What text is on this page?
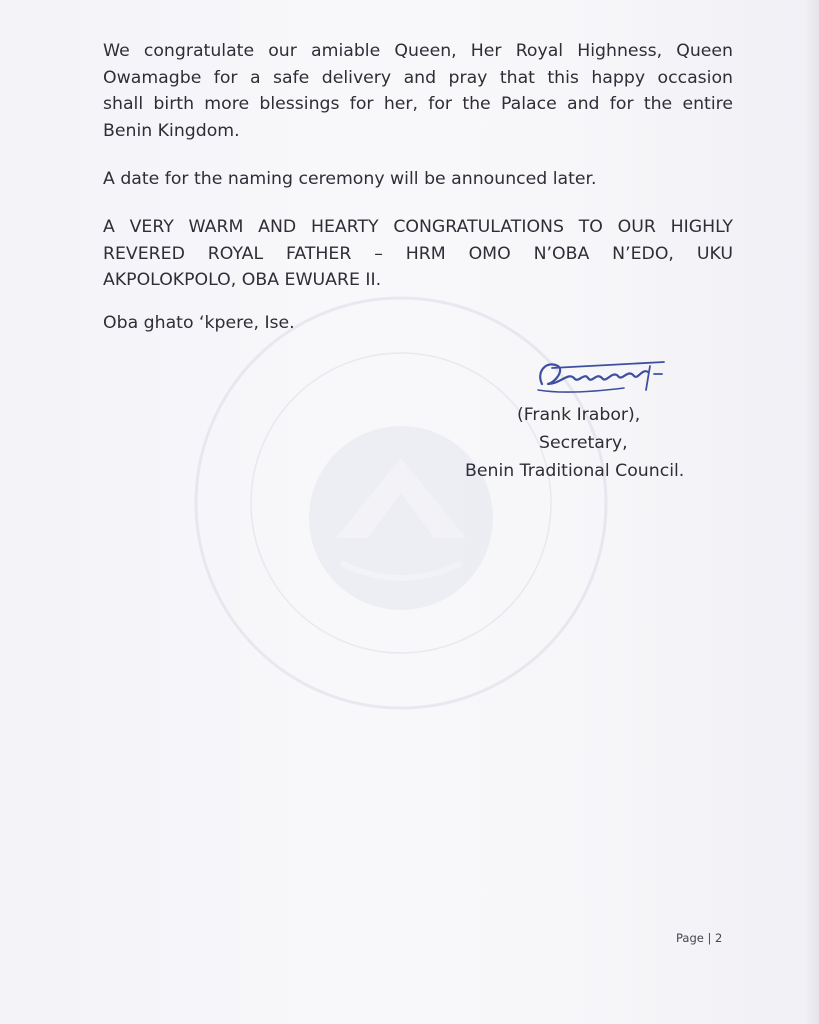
We congratulate our amiable Queen, Her Royal Highness, Queen
Owamagbe for a safe delivery and pray that this happy occasion
shall birth more blessings for her, for the Palace and for the entire
Benin Kingdom.

A date for the naming ceremony will be announced later.

A VERY WARM AND HEARTY CONGRATULATIONS TO OUR HIGHLY
REVERED ROYAL FATHER – HRM OMO N’OBA N’EDO, UKU
AKPOLOKPOLO, OBA EWUARE II.

Oba ghato ‘kpere, Ise.

(Frank Irabor),
Secretary,
Benin Traditional Council.
Page | 2
